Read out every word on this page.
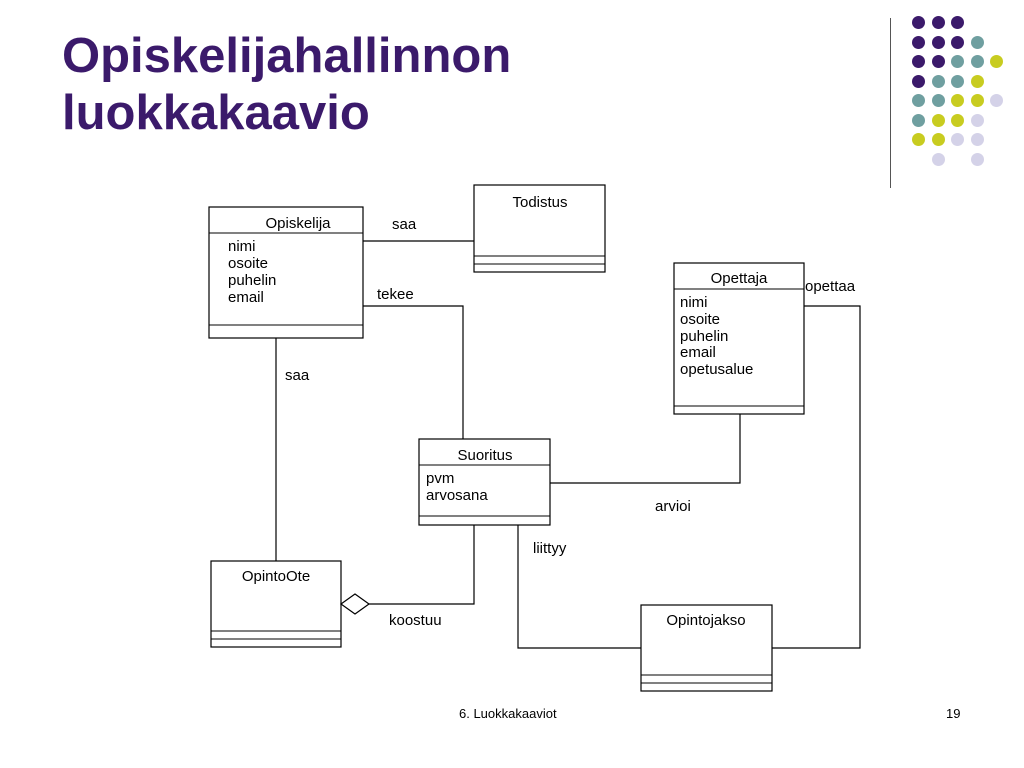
Opiskelijahallinnon
luokkakaavio
Opiskelija
nimi
osoite
puhelin
email
Todistus
Opettaja
nimi
osoite
puhelin
email
opetusalue
Suoritus
pvm
arvosana
OpintoOte
Opintojakso
saa
tekee
saa
opettaa
arvioi
liittyy
koostuu
6. Luokkakaaviot	19
